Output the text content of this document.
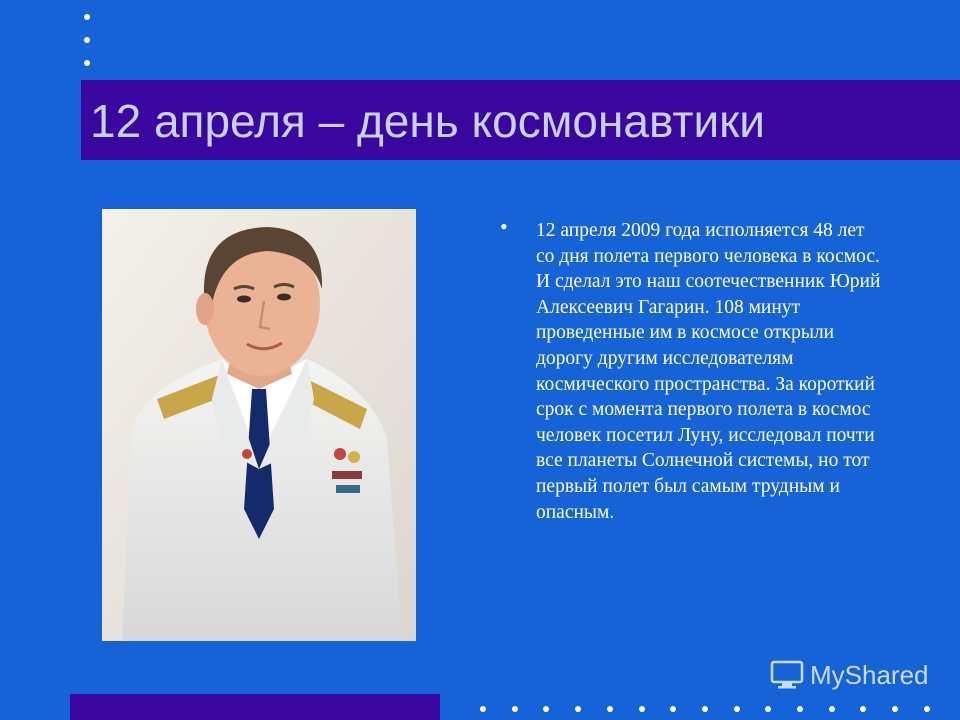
12 апреля – день космонавтики
• 12 апреля 2009 года исполняется 48 лет со дня полета первого человека в космос. И сделал это наш соотечественник Юрий Алексеевич Гагарин. 108 минут проведенные им в космосе открыли дорогу другим исследователям космического пространства. За короткий срок с момента первого полета в космос человек посетил Луну, исследовал почти все планеты Солнечной системы, но тот первый полет был самым трудным и опасным.

MyShared
